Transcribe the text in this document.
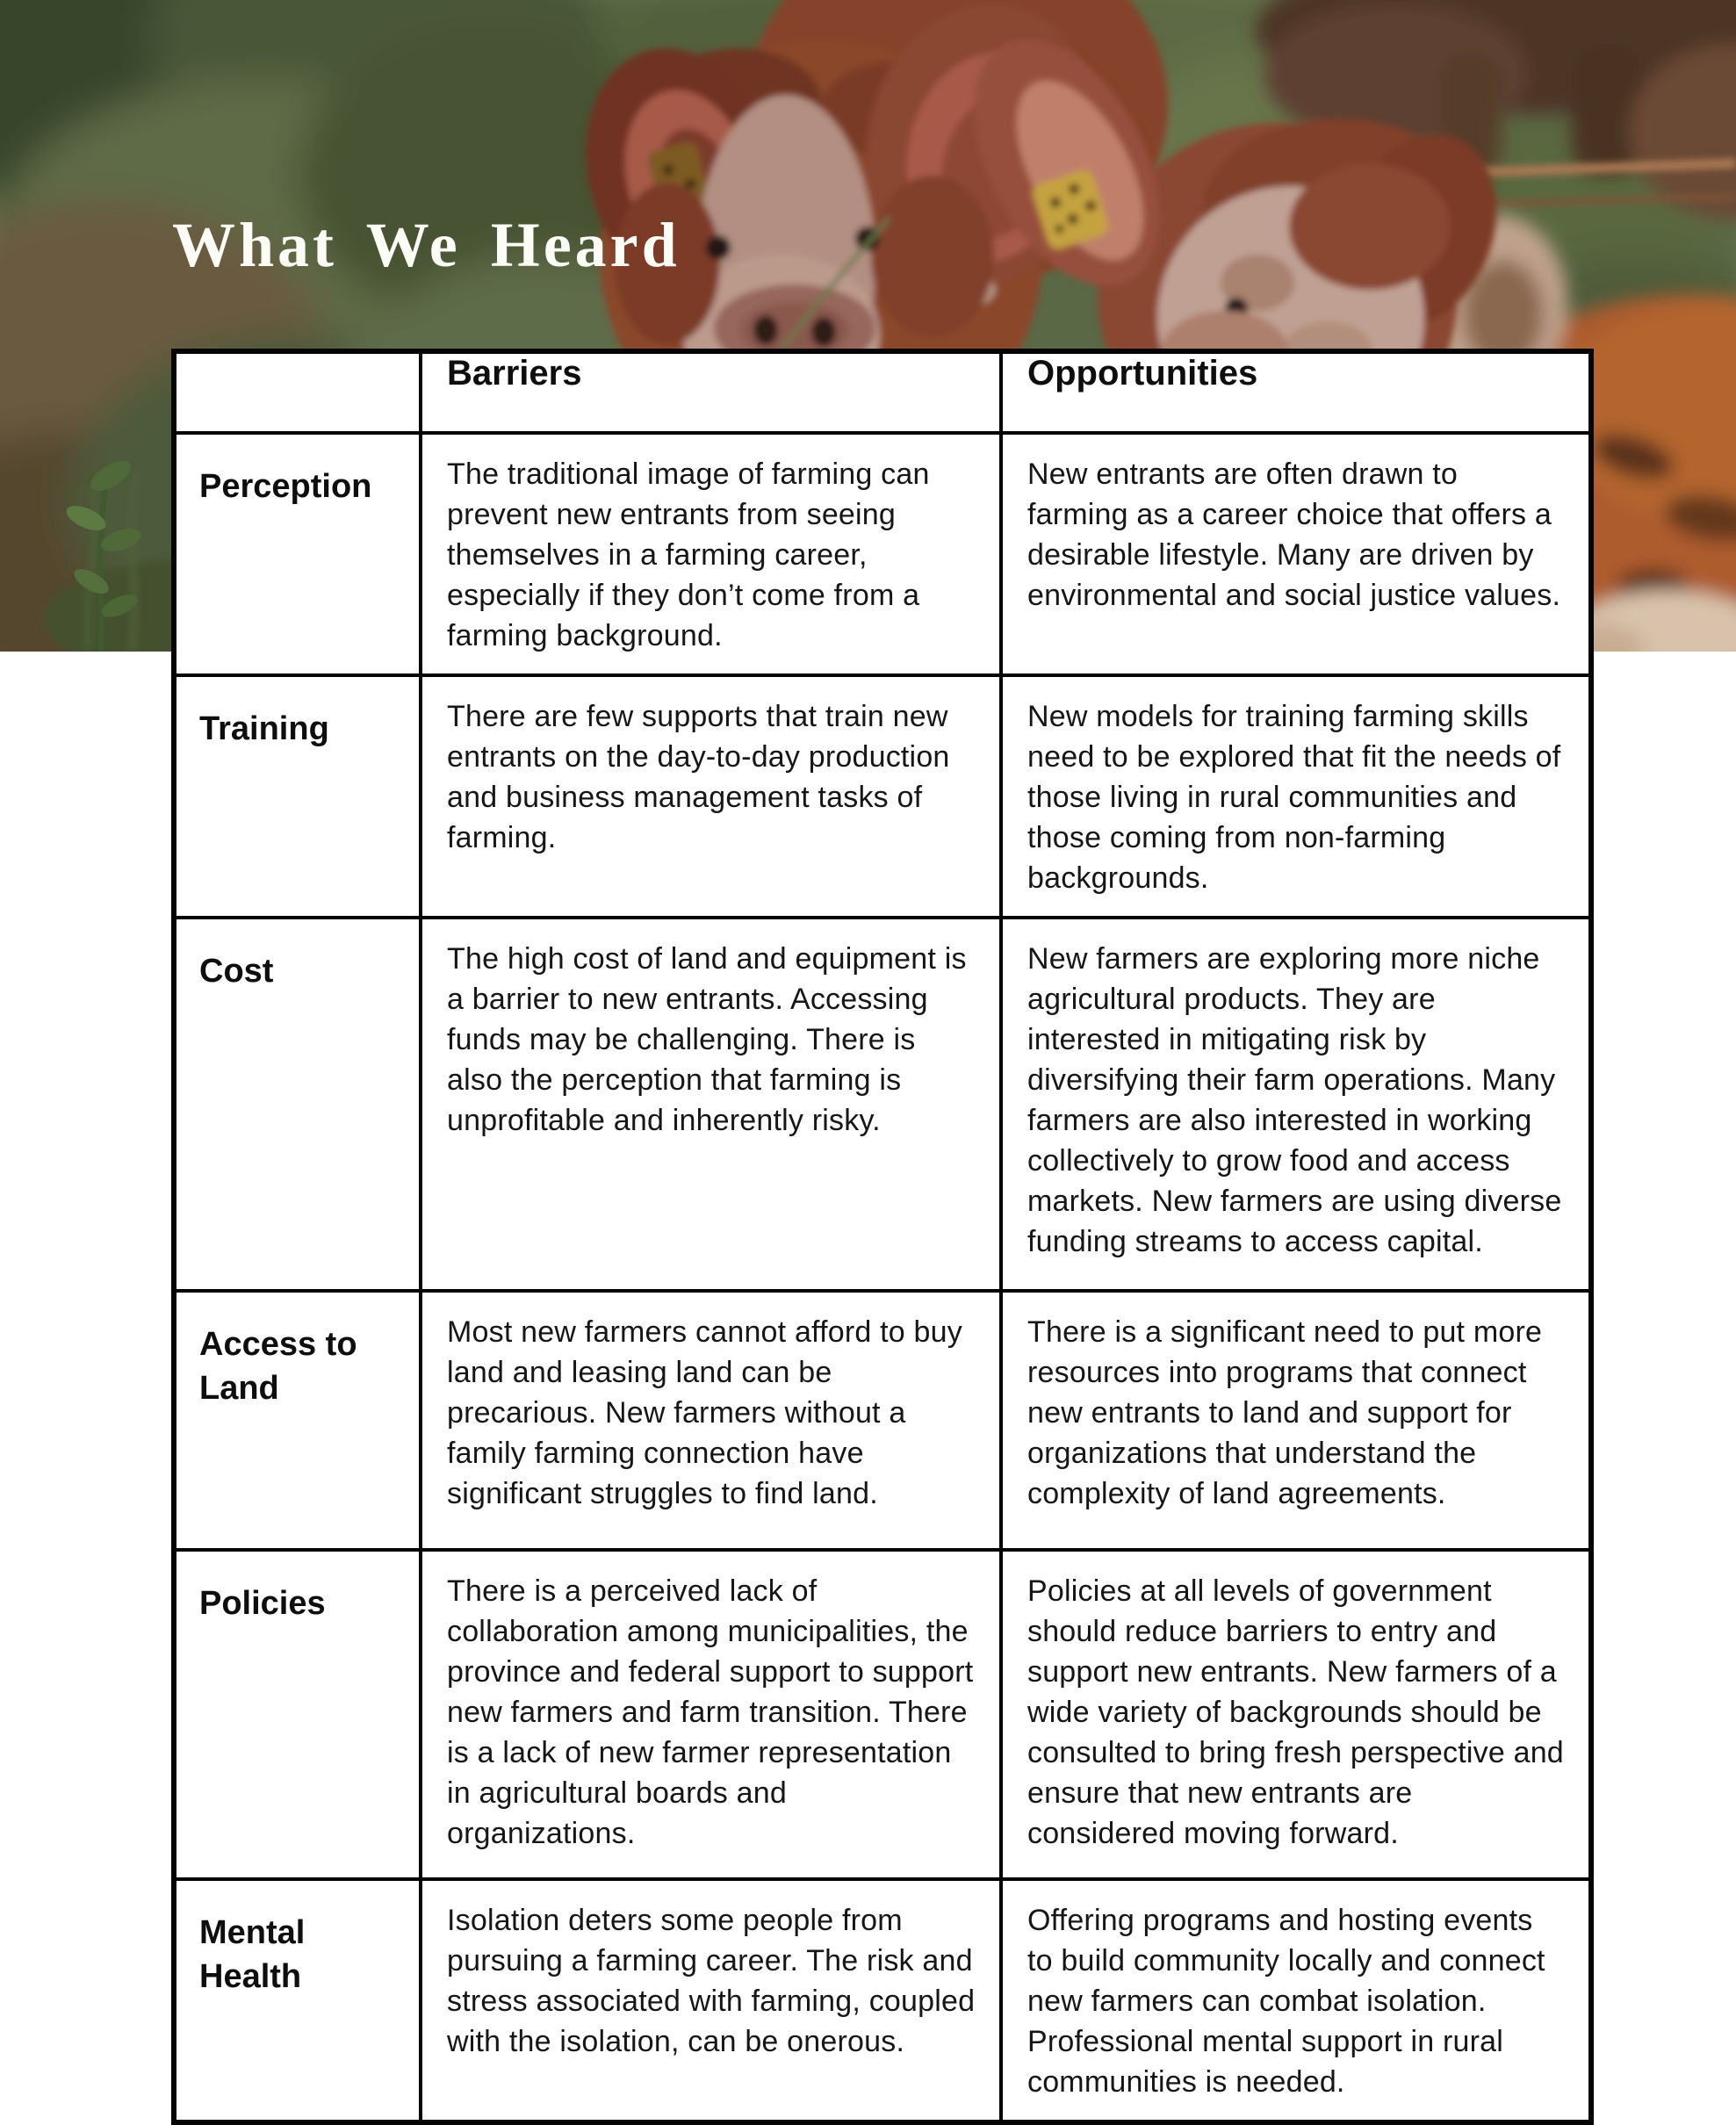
What We Heard
	Barriers	Opportunities
Perception	The traditional image of farming can prevent new entrants from seeing themselves in a farming career, especially if they don’t come from a farming background.	New entrants are often drawn to farming as a career choice that offers a desirable lifestyle. Many are driven by environmental and social justice values.
Training	There are few supports that train new entrants on the day-to-day production and business management tasks of farming.	New models for training farming skills need to be explored that fit the needs of those living in rural communities and those coming from non-farming backgrounds.
Cost	The high cost of land and equipment is a barrier to new entrants. Accessing funds may be challenging. There is also the perception that farming is unprofitable and inherently risky.	New farmers are exploring more niche agricultural products. They are interested in mitigating risk by diversifying their farm operations. Many farmers are also interested in working collectively to grow food and access markets. New farmers are using diverse funding streams to access capital.
Access to Land	Most new farmers cannot afford to buy land and leasing land can be precarious. New farmers without a family farming connection have significant struggles to find land.	There is a significant need to put more resources into programs that connect new entrants to land and support for organizations that understand the complexity of land agreements.
Policies	There is a perceived lack of collaboration among municipalities, the province and federal support to support new farmers and farm transition. There is a lack of new farmer representation in agricultural boards and organizations.	Policies at all levels of government should reduce barriers to entry and support new entrants. New farmers of a wide variety of backgrounds should be consulted to bring fresh perspective and ensure that new entrants are considered moving forward.
Mental Health	Isolation deters some people from pursuing a farming career. The risk and stress associated with farming, coupled with the isolation, can be onerous.	Offering programs and hosting events to build community locally and connect new farmers can combat isolation. Professional mental support in rural communities is needed.
